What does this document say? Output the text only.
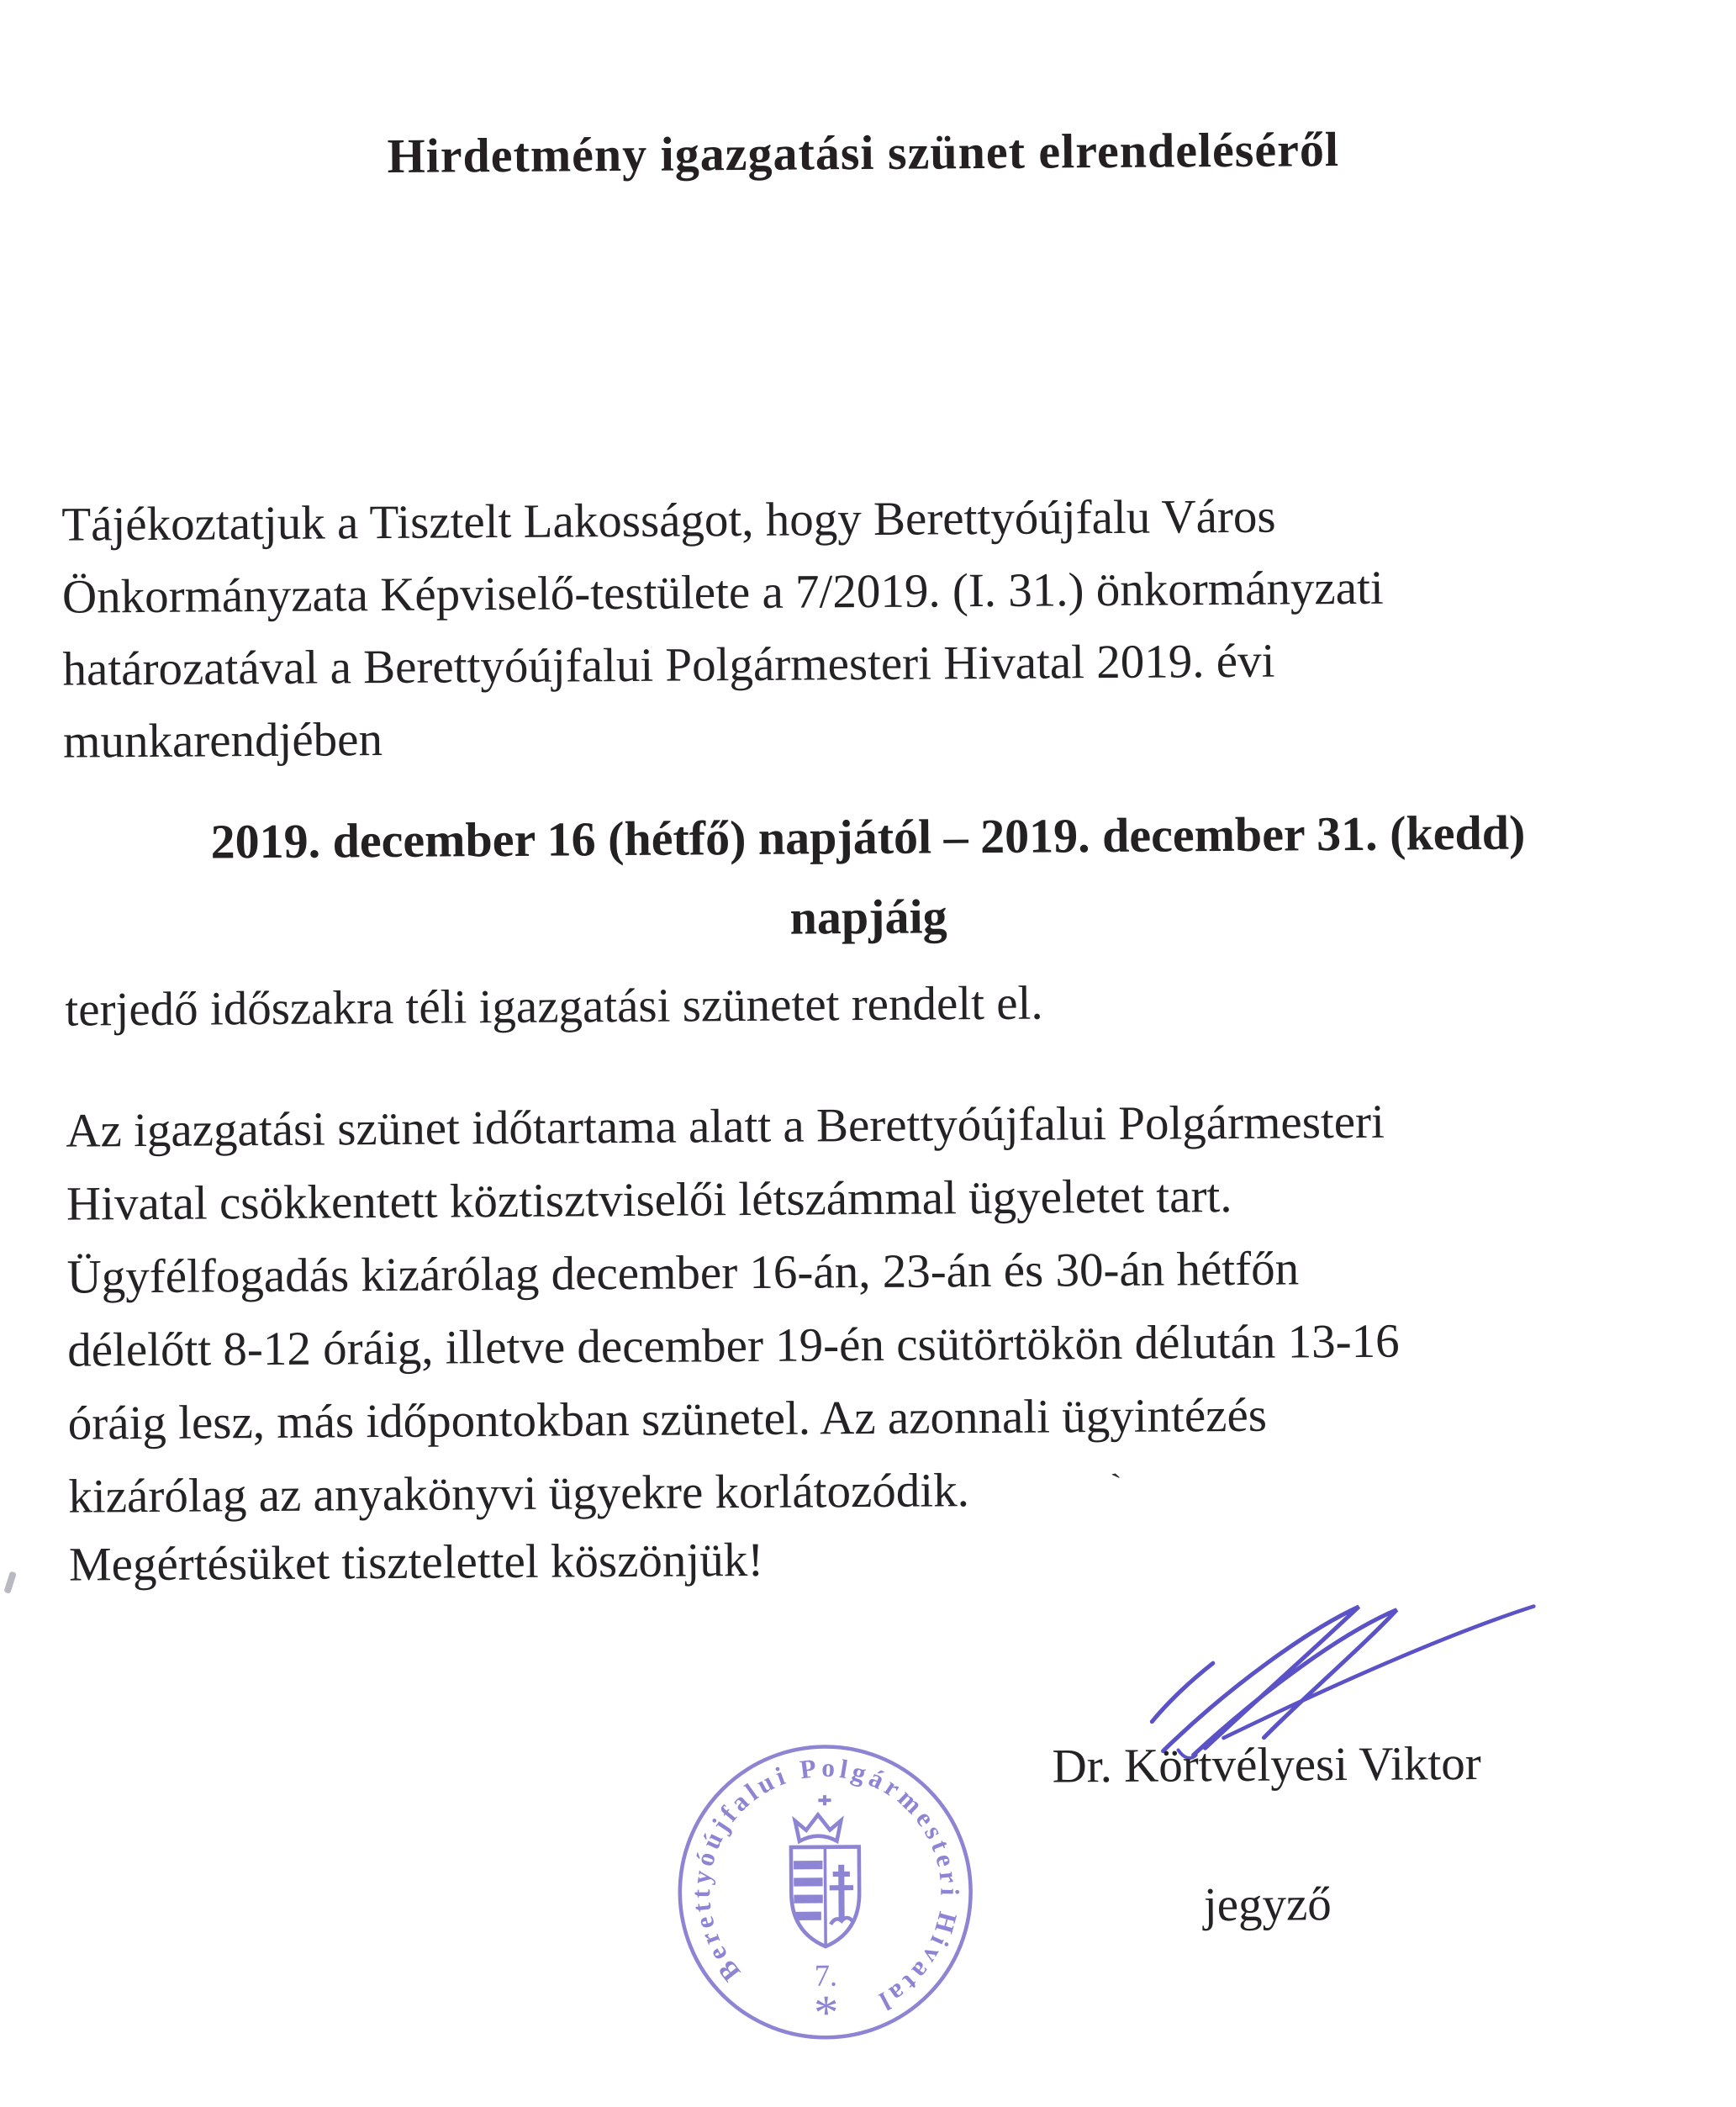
Hirdetmény igazgatási szünet elrendeléséről
Tájékoztatjuk a Tisztelt Lakosságot, hogy Berettyóújfalu Város
Önkormányzata Képviselő-testülete a 7/2019. (I. 31.) önkormányzati
határozatával a Berettyóújfalui Polgármesteri Hivatal 2019. évi
munkarendjében
2019. december 16 (hétfő) napjától – 2019. december 31. (kedd)
napjáig
terjedő időszakra téli igazgatási szünetet rendelt el.
Az igazgatási szünet időtartama alatt a Berettyóújfalui Polgármesteri
Hivatal csökkentett köztisztviselői létszámmal ügyeletet tart.
Ügyfélfogadás kizárólag december 16-án, 23-án és 30-án hétfőn
délelőtt 8-12 óráig, illetve december 19-én csütörtökön délután 13-16
óráig lesz, más időpontokban szünetel. Az azonnali ügyintézés
kizárólag az anyakönyvi ügyekre korlátozódik.
Megértésüket tisztelettel köszönjük!
ˋ
Dr. Körtvélyesi Viktor
jegyző
Berettyóújfalui Polgármesteri Hivatal
7.
*
